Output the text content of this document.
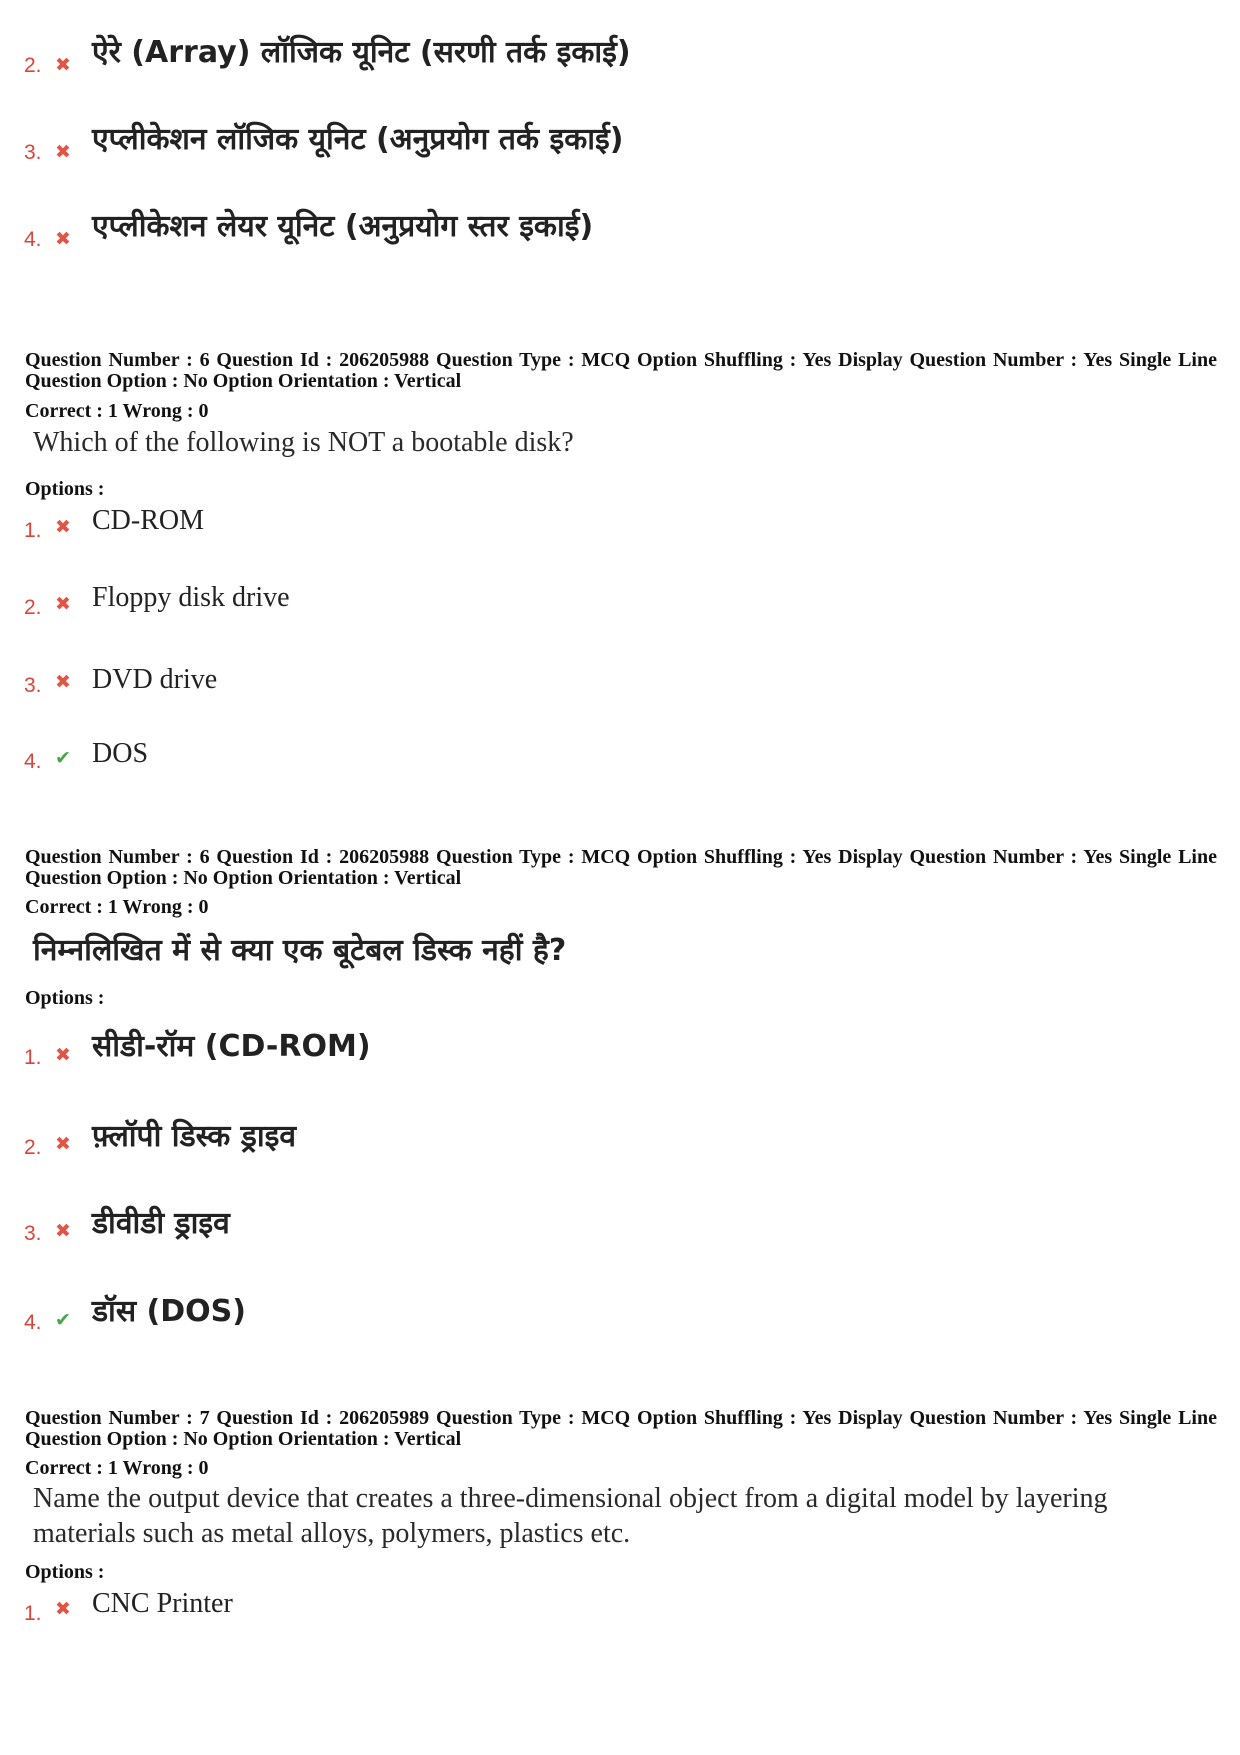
2. ✖ ऐरे (Array) लॉजिक यूनिट (सरणी तर्क इकाई)
3. ✖ एप्लीकेशन लॉजिक यूनिट (अनुप्रयोग तर्क इकाई)
4. ✖ एप्लीकेशन लेयर यूनिट (अनुप्रयोग स्तर इकाई)
Question Number : 6 Question Id : 206205988 Question Type : MCQ Option Shuffling : Yes Display Question Number : Yes Single Line Question Option : No Option Orientation : Vertical
Correct : 1 Wrong : 0
Which of the following is NOT a bootable disk?
Options :
1. ✖ CD-ROM
2. ✖ Floppy disk drive
3. ✖ DVD drive
4. ✔ DOS
Question Number : 6 Question Id : 206205988 Question Type : MCQ Option Shuffling : Yes Display Question Number : Yes Single Line Question Option : No Option Orientation : Vertical
Correct : 1 Wrong : 0
निम्नलिखित में से क्या एक बूटेबल डिस्क नहीं है?
Options :
1. ✖ सीडी-रॉम (CD-ROM)
2. ✖ फ़्लॉपी डिस्क ड्राइव
3. ✖ डीवीडी ड्राइव
4. ✔ डॉस (DOS)
Question Number : 7 Question Id : 206205989 Question Type : MCQ Option Shuffling : Yes Display Question Number : Yes Single Line Question Option : No Option Orientation : Vertical
Correct : 1 Wrong : 0
Name the output device that creates a three-dimensional object from a digital model by layering materials such as metal alloys, polymers, plastics etc.
Options :
1. ✖ CNC Printer
